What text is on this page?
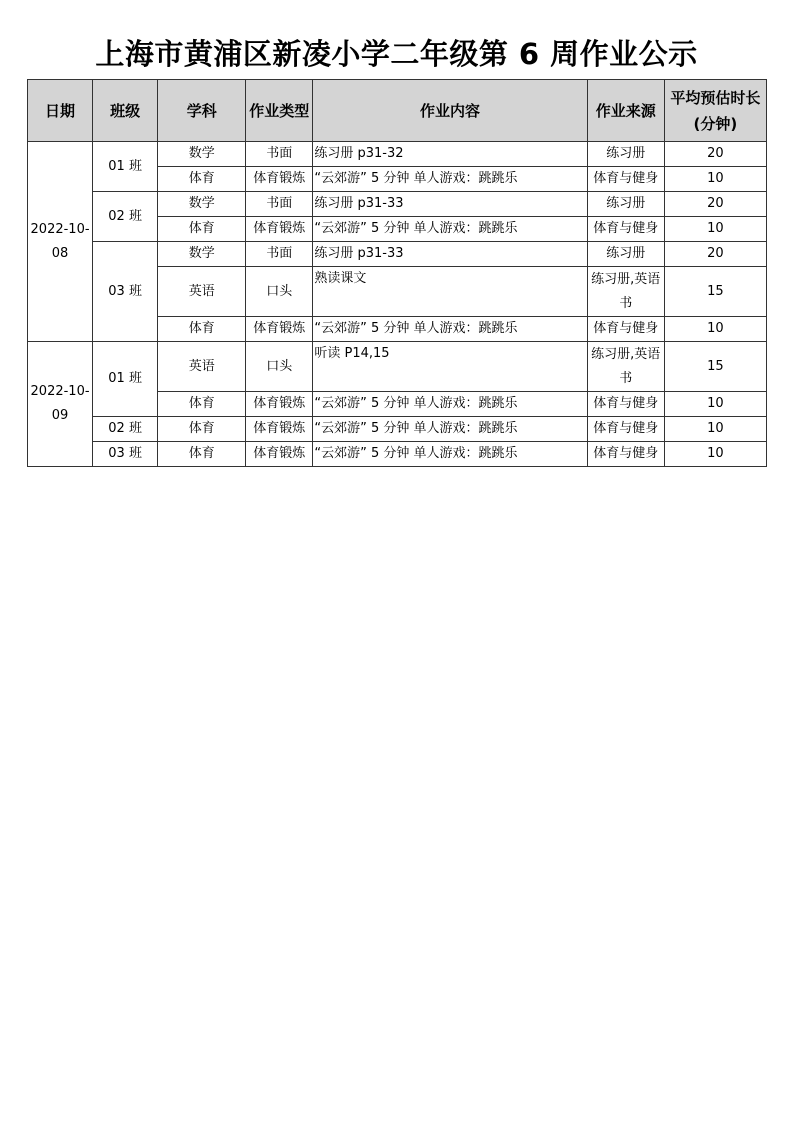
上海市黄浦区新凌小学二年级第 6 周作业公示
日期	班级	学科	作业类型	作业内容	作业来源	平均预估时长(分钟)
2022-10-08	01 班	数学	书面	练习册 p31-32	练习册	20
		体育	体育锻炼	“云郊游” 5 分钟 单人游戏：跳跳乐	体育与健身	10
	02 班	数学	书面	练习册 p31-33	练习册	20
		体育	体育锻炼	“云郊游” 5 分钟 单人游戏：跳跳乐	体育与健身	10
	03 班	数学	书面	练习册 p31-33	练习册	20
		英语	口头	熟读课文	练习册,英语书	15
		体育	体育锻炼	“云郊游” 5 分钟 单人游戏：跳跳乐	体育与健身	10
2022-10-09	01 班	英语	口头	听读 P14,15	练习册,英语书	15
		体育	体育锻炼	“云郊游” 5 分钟 单人游戏：跳跳乐	体育与健身	10
	02 班	体育	体育锻炼	“云郊游” 5 分钟 单人游戏：跳跳乐	体育与健身	10
	03 班	体育	体育锻炼	“云郊游” 5 分钟 单人游戏：跳跳乐	体育与健身	10
